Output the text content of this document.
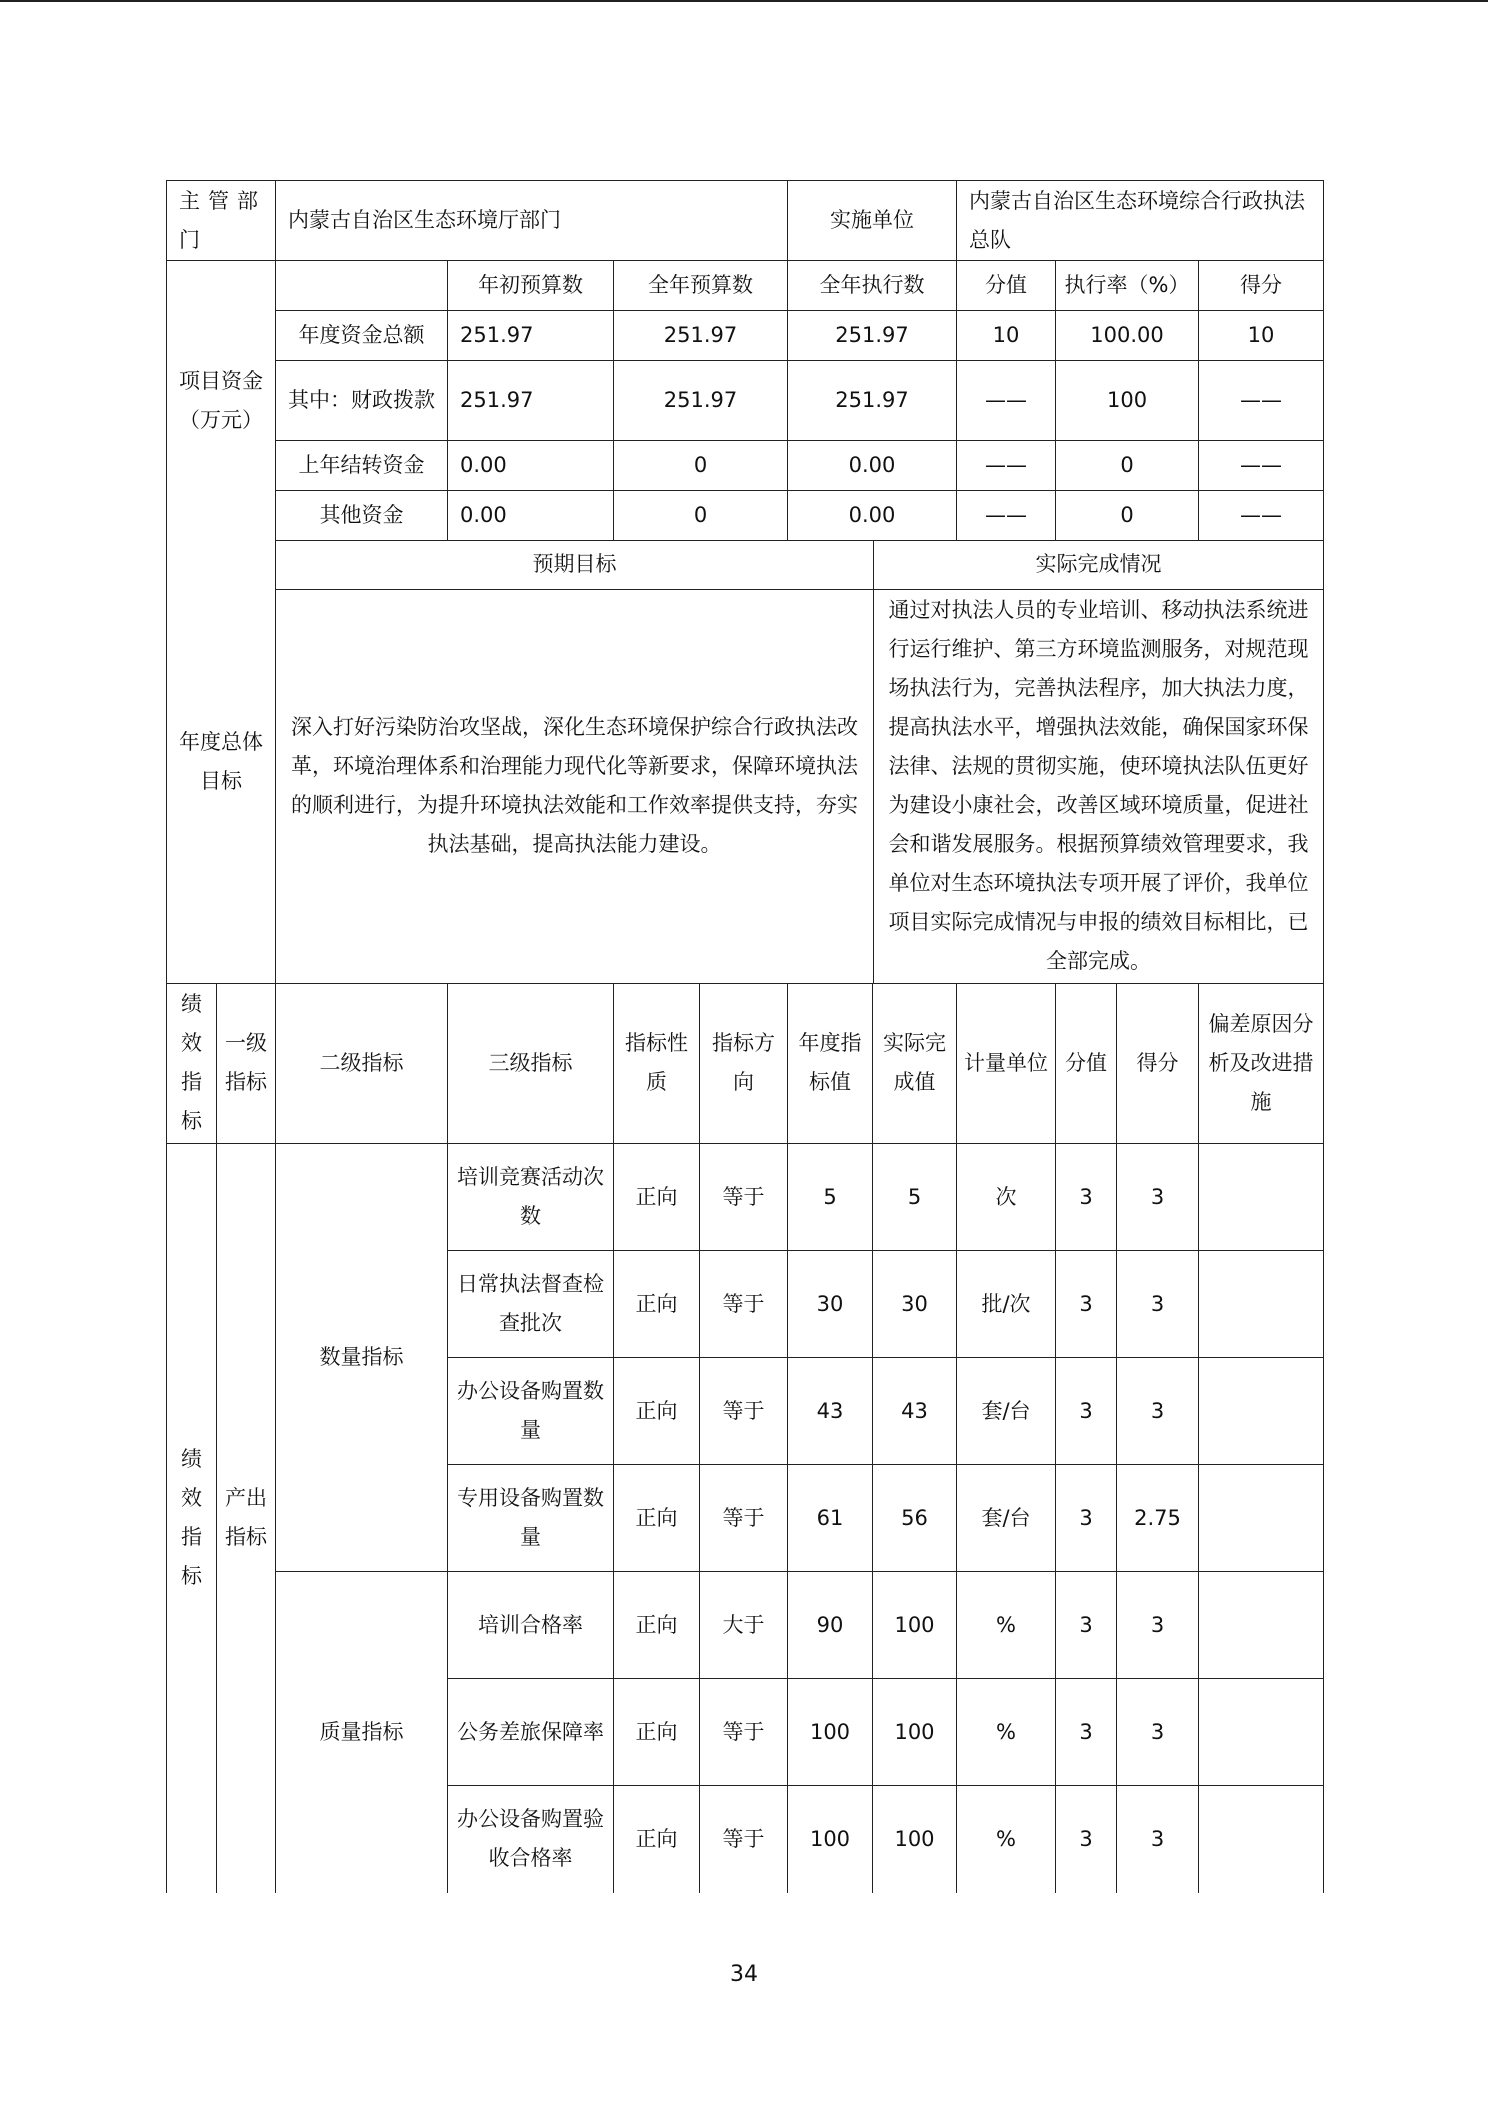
主管部门	内蒙古自治区生态环境厅部门			实施单位	内蒙古自治区生态环境综合行政执法总队		
项目资金（万元）		年初预算数	全年预算数	全年执行数	分值	执行率（%）	得分
	年度资金总额	251.97	251.97	251.97	10	100.00	10
	其中：财政拨款	251.97	251.97	251.97	——	100	——
	上年结转资金	0.00	0	0.00	——	0	——
	其他资金	0.00	0	0.00	——	0	——
年度总体目标	预期目标	实际完成情况
	深入打好污染防治攻坚战，深化生态环境保护综合行政执法改革，环境治理体系和治理能力现代化等新要求，保障环境执法的顺利进行，为提升环境执法效能和工作效率提供支持，夯实执法基础，提高执法能力建设。	通过对执法人员的专业培训、移动执法系统进行运行维护、第三方环境监测服务，对规范现场执法行为，完善执法程序，加大执法力度，提高执法水平，增强执法效能，确保国家环保法律、法规的贯彻实施，使环境执法队伍更好为建设小康社会，改善区域环境质量，促进社会和谐发展服务。根据预算绩效管理要求，我单位对生态环境执法专项开展了评价，我单位项目实际完成情况与申报的绩效目标相比，已全部完成。
绩效指标	一级指标	二级指标	三级指标	指标性质	指标方向	年度指标值	实际完成值	计量单位	分值	得分	偏差原因分析及改进措施
绩效指标	产出指标	数量指标	培训竞赛活动次数	正向	等于	5	5	次	3	3	
			日常执法督查检查批次	正向	等于	30	30	批/次	3	3	
			办公设备购置数量	正向	等于	43	43	套/台	3	3	
			专用设备购置数量	正向	等于	61	56	套/台	3	2.75	
		质量指标	培训合格率	正向	大于	90	100	%	3	3	
			公务差旅保障率	正向	等于	100	100	%	3	3	
			办公设备购置验收合格率	正向	等于	100	100	%	3	3	
34
